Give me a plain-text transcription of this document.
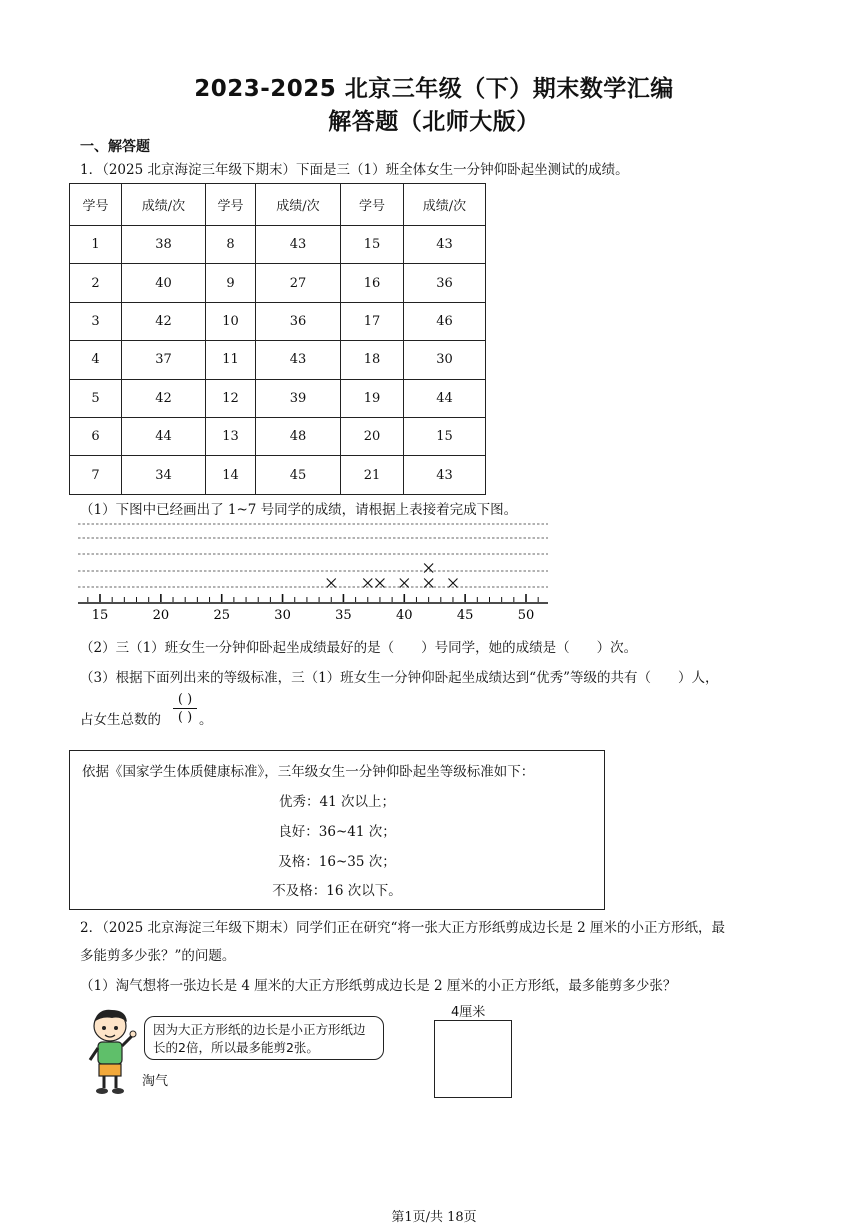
2023-2025 北京三年级（下）期末数学汇编
解答题（北师大版）
一、解答题
1．（2025 北京海淀三年级下期末）下面是三（1）班全体女生一分钟仰卧起坐测试的成绩。
学号	成绩/次	学号	成绩/次	学号	成绩/次
1	38	8	43	15	43
2	40	9	27	16	36
3	42	10	36	17	46
4	37	11	43	18	30
5	42	12	39	19	44
6	44	13	48	20	15
7	34	14	45	21	43
（1）下图中已经画出了 1~7 号同学的成绩，请根据上表接着完成下图。
15	20	25	30	35	40	45	50
（2）三（1）班女生一分钟仰卧起坐成绩最好的是（　　）号同学，她的成绩是（　　）次。
（3）根据下面列出来的等级标准，三（1）班女生一分钟仰卧起坐成绩达到“优秀”等级的共有（　　）人，
占女生总数的
( )
( ) 。
依据《国家学生体质健康标准》，三年级女生一分钟仰卧起坐等级标准如下：
优秀：41 次以上；
良好：36~41 次；
及格：16~35 次；
不及格：16 次以下。
2．（2025 北京海淀三年级下期末）同学们正在研究“将一张大正方形纸剪成边长是 2 厘米的小正方形纸，最
多能剪多少张？”的问题。
（1）淘气想将一张边长是 4 厘米的大正方形纸剪成边长是 2 厘米的小正方形纸，最多能剪多少张？
因为大正方形纸的边长是小正方形纸边长的2倍，所以最多能剪2张。
淘气
4厘米
第1页/共 18页
